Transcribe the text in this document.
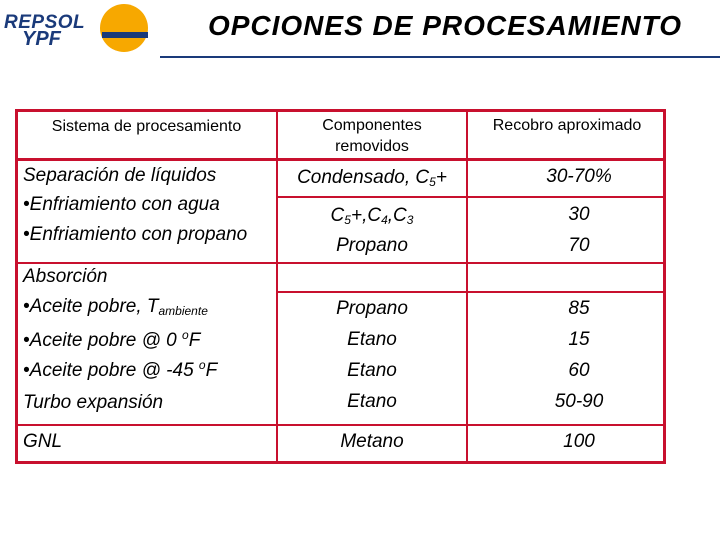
REPSOL
YPF	OPCIONES DE PROCESAMIENTO
Sistema de procesamiento	Componentes
removidos
Recobro aproximado
Separación de líquidos
•Enfriamiento con agua
•Enfriamiento con propano
Absorción
•Aceite pobre, $T_{ambiente}$
•Aceite pobre @ 0 $^o$F
•Aceite pobre @ -45 $^o$F
Turbo expansión
GNL
Condensado, $C_5+$
$C_5+,C_4,C_3$
Propano
Propano
Etano
Etano
Etano
Metano
30-70%
30
70
85
15
60
50-90
100
